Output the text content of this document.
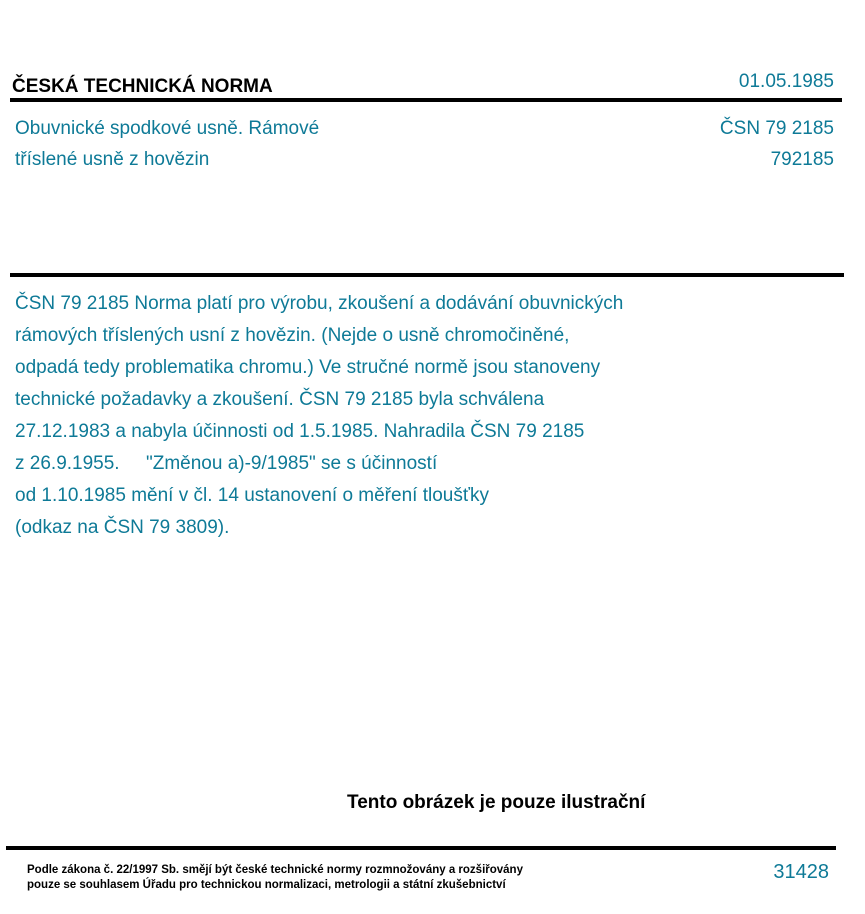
ČESKÁ TECHNICKÁ NORMA	01.05.1985
Obuvnické spodkové usně. Rámové
tříslené usně z hovězin
ČSN 79 2185
792185
ČSN 79 2185 Norma platí pro výrobu, zkoušení a dodávání obuvnických
rámových tříslených usní z hovězin. (Nejde o usně chromočiněné,
odpadá tedy problematika chromu.) Ve stručné normě jsou stanoveny
technické požadavky a zkoušení. ČSN 79 2185 byla schválena
27.12.1983 a nabyla účinnosti od 1.5.1985. Nahradila ČSN 79 2185
z 26.9.1955.     "Změnou a)-9/1985" se s účinností
od 1.10.1985 mění v čl. 14 ustanovení o měření tloušťky
(odkaz na ČSN 79 3809).
Tento obrázek je pouze ilustrační
Podle zákona č. 22/1997 Sb. smějí být české technické normy rozmnožovány a rozšiřovány
pouze se souhlasem Úřadu pro technickou normalizaci, metrologii a státní zkušebnictví
31428
